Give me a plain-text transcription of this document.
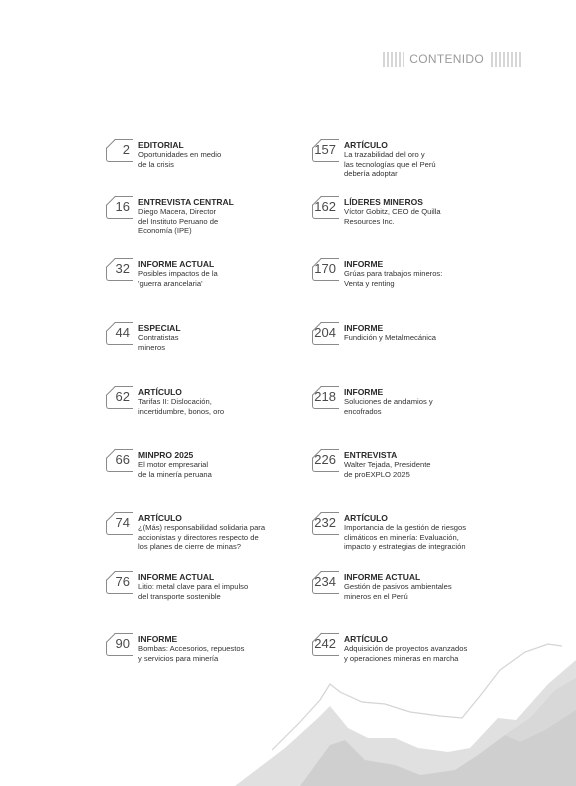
CONTENIDO
2 EDITORIAL
Oportunidades en medio
de la crisis
16 ENTREVISTA CENTRAL
Diego Macera, Director
del Instituto Peruano de
Economía (IPE)
32 INFORME ACTUAL
Posibles impactos de la
'guerra arancelaria'
44 ESPECIAL
Contratistas
mineros
62 ARTÍCULO
Tarifas II: Dislocación,
incertidumbre, bonos, oro
66 MINPRO 2025
El motor empresarial
de la minería peruana
74 ARTÍCULO
¿(Más) responsabilidad solidaria para
accionistas y directores respecto de
los planes de cierre de minas?
76 INFORME ACTUAL
Litio: metal clave para el impulso
del transporte sostenible
90 INFORME
Bombas: Accesorios, repuestos
y servicios para minería
157 ARTÍCULO
La trazabilidad del oro y
las tecnologías que el Perú
debería adoptar
162 LÍDERES MINEROS
Víctor Gobitz, CEO de Quilla
Resources Inc.
170 INFORME
Grúas para trabajos mineros:
Venta y renting
204 INFORME
Fundición y Metalmecánica
218 INFORME
Soluciones de andamios y
encofrados
226 ENTREVISTA
Walter Tejada, Presidente
de proEXPLO 2025
232 ARTÍCULO
Importancia de la gestión de riesgos
climáticos en minería: Evaluación,
impacto y estrategias de integración
234 INFORME ACTUAL
Gestión de pasivos ambientales
mineros en el Perú
242 ARTÍCULO
Adquisición de proyectos avanzados
y operaciones mineras en marcha
